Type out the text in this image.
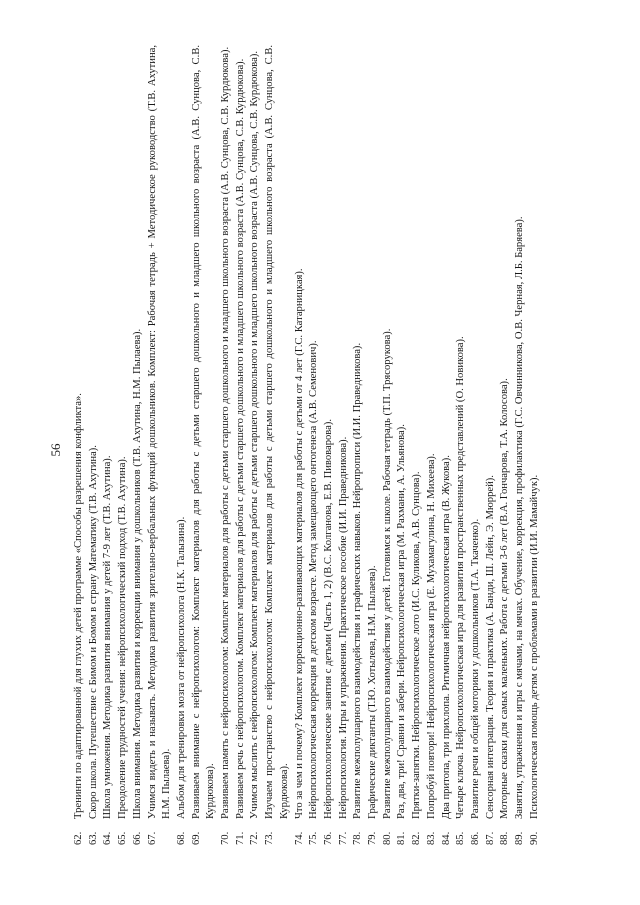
56
62.
Тренинги по адаптированной для глухих детей программе «Способы разрешения конфликта».
63.
Скоро школа. Путешествие с Бимом и Бомом в страну Математику (Т.В. Ахутина).
64.
Школа умножения. Методика развития внимания у детей 7-9 лет (Т.В. Ахутина).
65.
Преодоление трудностей учения: нейропсихологический подход (Т.В. Ахутина).
66.
Школа внимания. Методика развития и коррекции внимания у дошкольников (Т.В. Ахутина, Н.М. Пылаева).
67.
Учимся видеть и называть. Методика развития зрительно-вербальных функций дошкольников. Комплект: Рабочая тетрадь + Методическое руководство (Т.В. Ахутина, Н.М. Пылаева).
68.
Альбом для тренировки мозга от нейропсихолога (Н.К. Талызина).
69.
Развиваем внимание с нейропсихологом: Комплект материалов для работы с детьми старшего дошкольного и младшего школьного возраста (А.В. Сунцова, С.В. Курдюкова).
70.
Развиваем память с нейропсихологом: Комплект материалов для работы с детьми старшего дошкольного и младшего школьного возраста (А.В. Сунцова, С.В. Курдюкова).
71.
Развиваем речь с нейропсихологом. Комплект материалов для работы с детьми старшего дошкольного и младшего школьного возраста (А.В. Сунцова, С.В. Курдюкова).
72.
Учимся мыслить с нейропсихологом: Комплект материалов для работы с детьми старшего дошкольного и младшего школьного возраста (А.В. Сунцова, С.В. Курдюкова).
73.
Изучаем пространство с нейропсихологом: Комплект материалов для работы с детьми старшего дошкольного и младшего школьного возраста (А.В. Сунцова, С.В. Курдюкова).
74.
Что за чем и почему? Комплект коррекционно-развивающих материалов для работы с детьми от 4 лет (Г.С. Катарницкая).
75.
Нейропсихологическая коррекция в детском возрасте. Метод замещающего онтогенеза (А.В. Семенович).
76.
Нейропсихологические занятия с детьми (Часть 1, 2) (В.С. Колганова, Е.В. Пивоварова).
77.
Нейропсихология. Игры и упражнения. Практическое пособие (И.И. Праведникова).
78.
Развитие межполушарного взаимодействия и графических навыков. Нейропрописи (И.И. Праведникова).
79.
Графические диктанты (Т.Ю. Хотылева, Н.М. Пылаева).
80.
Развитие межполушарного взаимодействия у детей. Готовимся к школе. Рабочая тетрадь (Т.П. Трясорукова).
81.
Раз, два, три! Сравни и забери. Нейропсихологическая игра (М. Рахмани, А. Ульянова).
82.
Прятки-запятки. Нейропсихологическое лото (И.С. Куликова, А.В. Сунцова).
83.
Попробуй повтори! Нейропсихологическая игра (Е. Мухамагулина, Н. Михеева).
84.
Два притопа, три прихлопа. Ритмичная нейропсихологическая игра (В. Жукова).
85.
Четыре ключа. Нейропсихологическая игра для развития пространственных представлений (О. Новикова).
86.
Развитие речи и общей моторики у дошкольников (Т.А. Ткаченко).
87.
Сенсорная интеграция. Теория и практика (А. Банди, Ш. Лейн, Э. Мюррей).
88.
Моторные сказки для самых маленьких. Работа с детьми 3-6 лет (В.А. Гончарова, Т.А. Колосова).
89.
Занятия, упражнения и игры с мячами, на мячах. Обучение, коррекция, профилактика (Г.С. Овчинникова, О.В. Черная, Л.Б. Баряева).
90.
Психологическая помощь детям с проблемами в развитии (И.И. Мамайчук).
